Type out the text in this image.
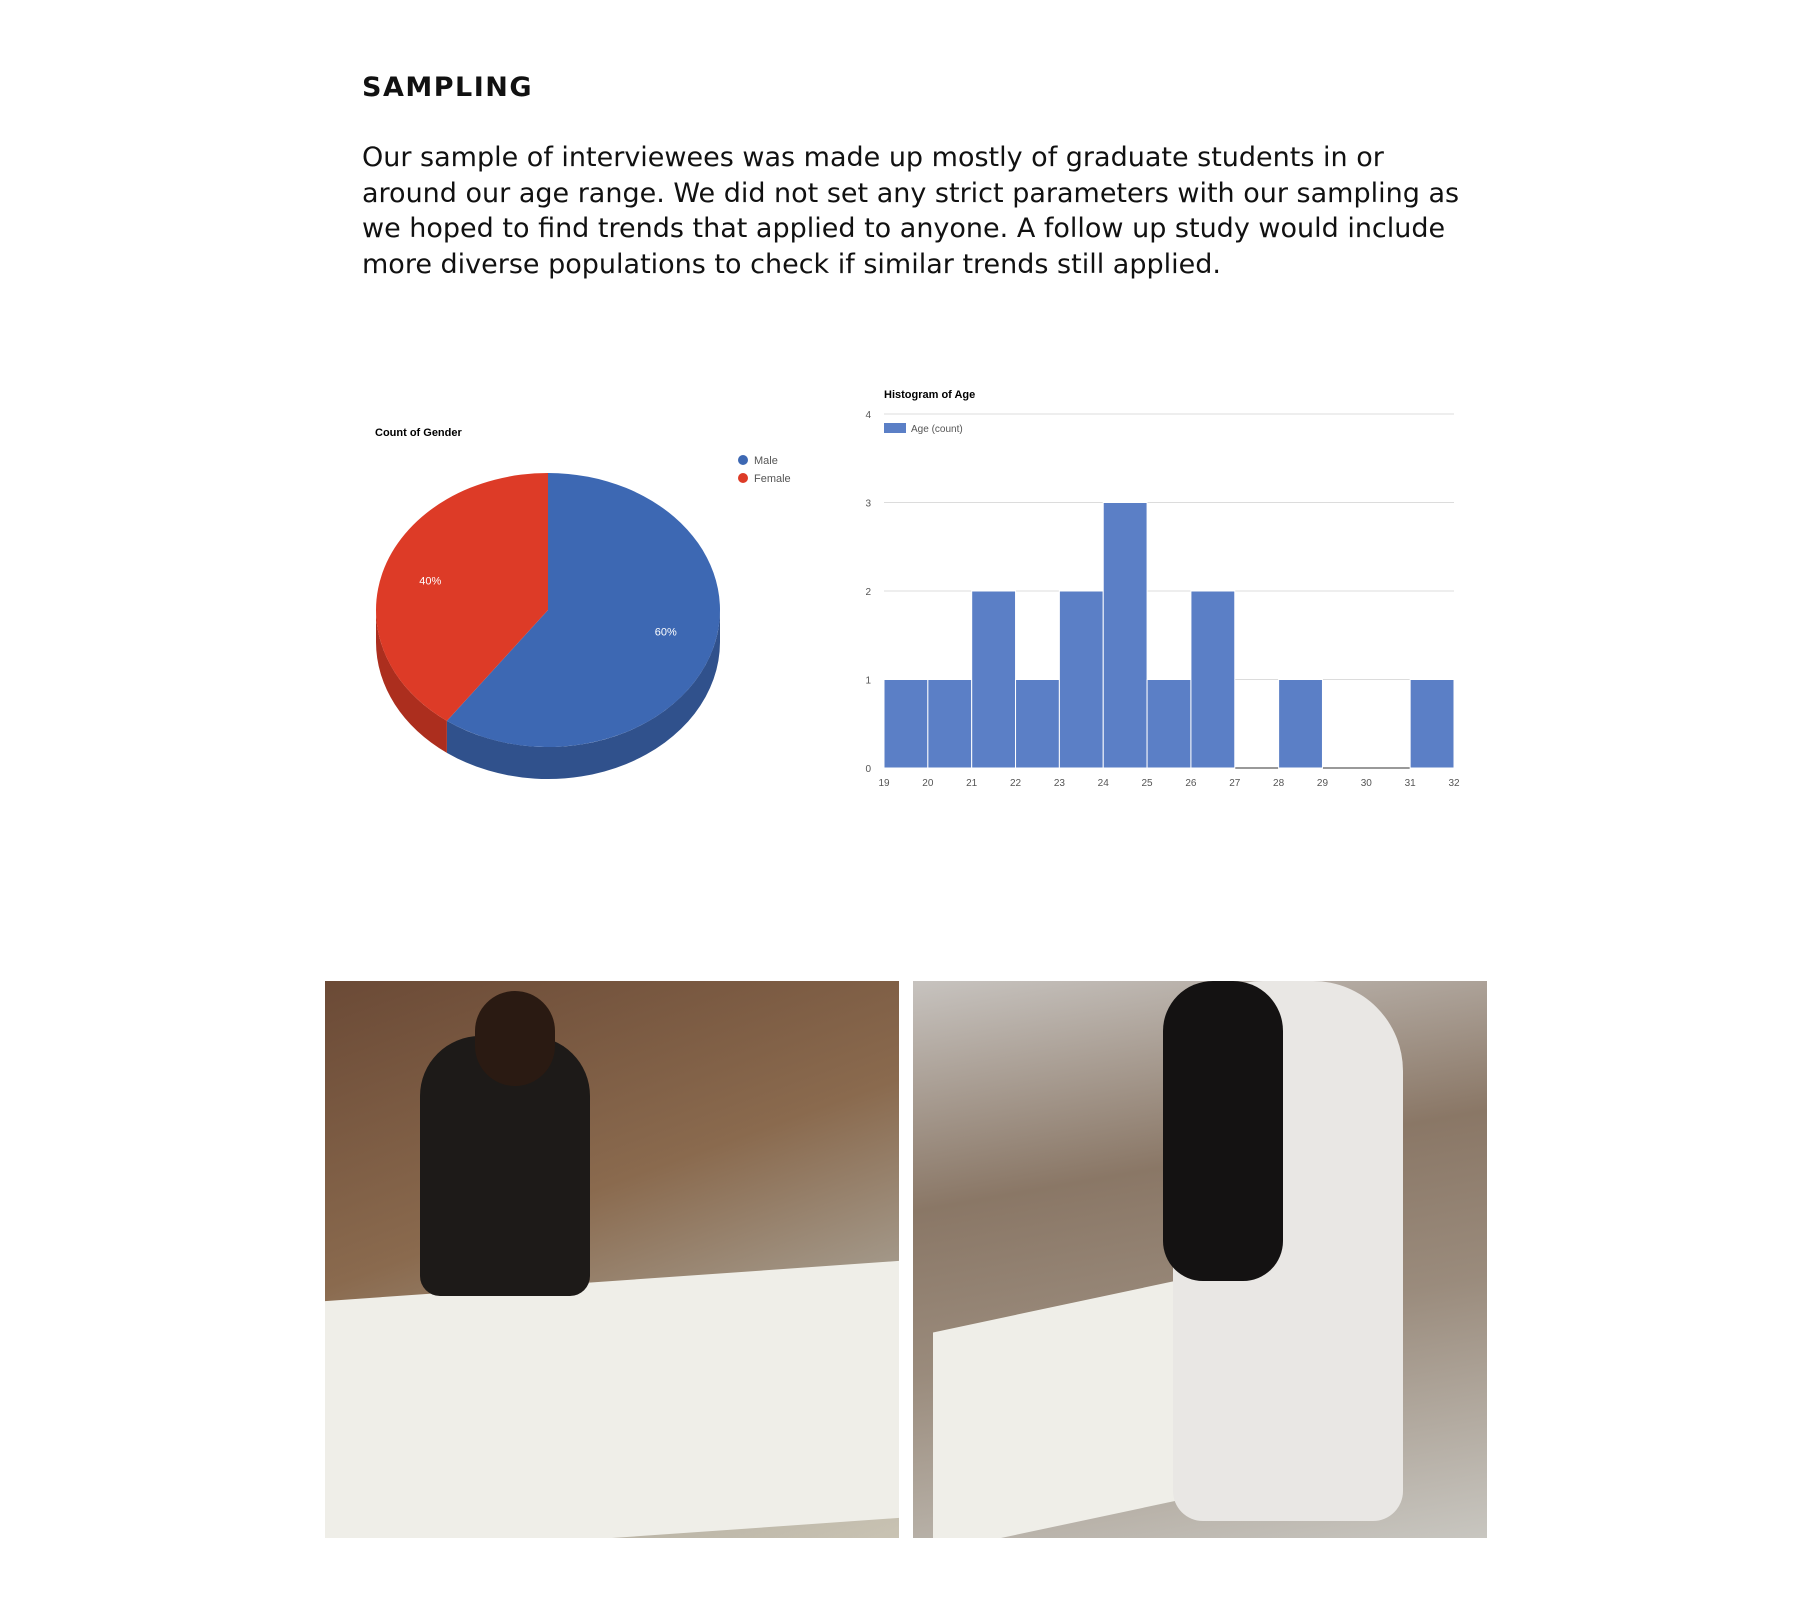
SAMPLING

Our sample of interviewees was made up mostly of graduate students in or around our age range. We did not set any strict parameters with our sampling as we hoped to find trends that applied to anyone. A follow up study would include more diverse populations to check if similar trends still applied.

Count of Gender
60%
40%
Male
Female
Histogram of Age
0
1
2
3
4
19	20	21	22	23	24	25	26	27	28	29	30	31	32
Age (count)
